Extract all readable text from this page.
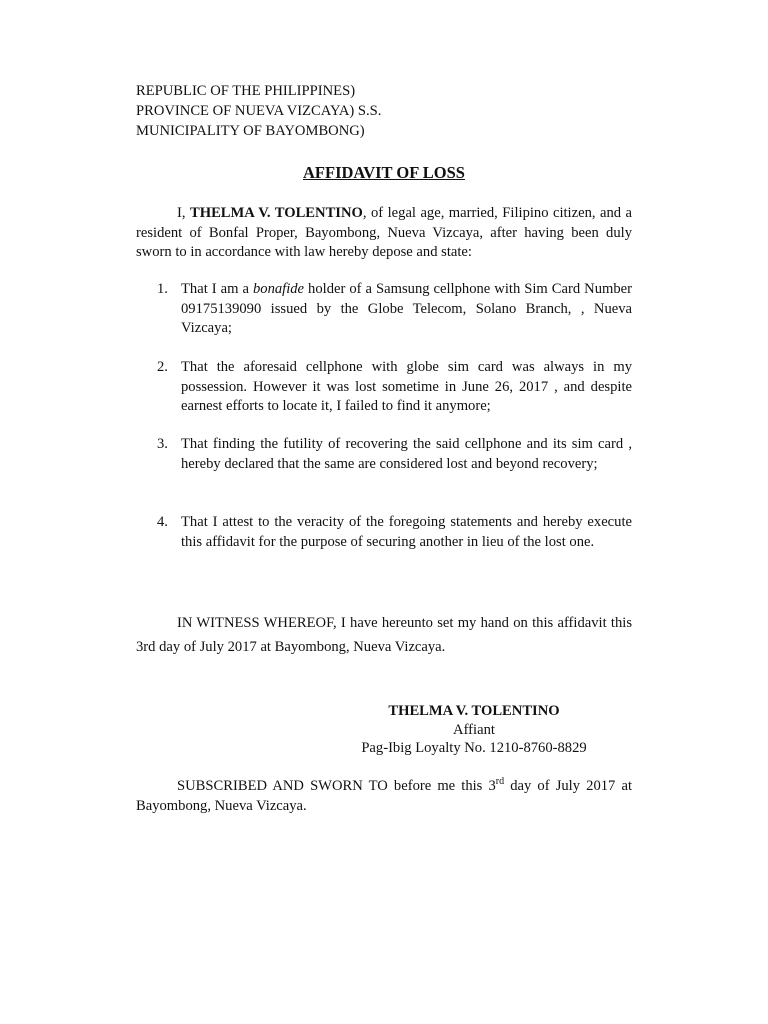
REPUBLIC OF THE PHILIPPINES)
PROVINCE OF NUEVA VIZCAYA) S.S.
MUNICIPALITY OF BAYOMBONG)
AFFIDAVIT OF LOSS
I, THELMA V. TOLENTINO, of legal age, married, Filipino citizen, and a resident of Bonfal Proper, Bayombong, Nueva Vizcaya, after having been duly sworn to in accordance with law hereby depose and state:
1. That I am a bonafide holder of a Samsung cellphone with Sim Card Number 09175139090 issued by the Globe Telecom, Solano Branch, , Nueva Vizcaya;
2. That the aforesaid cellphone with globe sim card was always in my possession. However it was lost sometime in June 26, 2017 , and despite earnest efforts to locate it, I failed to find it anymore;
3. That finding the futility of recovering the said cellphone and its sim card , hereby declared that the same are considered lost and beyond recovery;
4. That I attest to the veracity of the foregoing statements and hereby execute this affidavit for the purpose of securing another in lieu of the lost one.
IN WITNESS WHEREOF, I have hereunto set my hand on this affidavit this 3rd day of July 2017 at Bayombong, Nueva Vizcaya.
THELMA V. TOLENTINO
Affiant
Pag-Ibig Loyalty No. 1210-8760-8829
SUBSCRIBED AND SWORN TO before me this 3rd day of July 2017 at Bayombong, Nueva Vizcaya.
